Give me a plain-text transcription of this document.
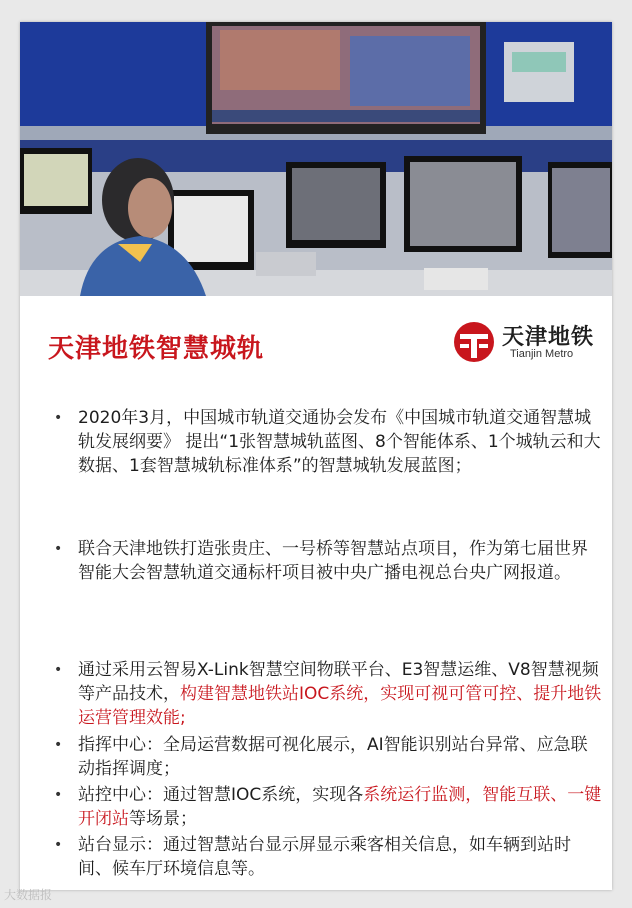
天津地铁智慧城轨	天津地铁
Tianjin Metro
• 2020年3月，中国城市轨道交通协会发布《中国城市轨道交通智慧城轨发展纲要》 提出“1张智慧城轨蓝图、8个智能体系、1个城轨云和大数据、1套智慧城轨标准体系”的智慧城轨发展蓝图；

• 联合天津地铁打造张贵庄、一号桥等智慧站点项目，作为第七届世界智能大会智慧轨道交通标杆项目被中央广播电视总台央广网报道。

• 通过采用云智易X-Link智慧空间物联平台、E3智慧运维、V8智慧视频等产品技术，构建智慧地铁站IOC系统，实现可视可管可控、提升地铁运营管理效能;

• 指挥中心：全局运营数据可视化展示，AI智能识别站台异常、应急联动指挥调度；

• 站控中心：通过智慧IOC系统，实现各系统运行监测，智能互联、一键开闭站等场景；

• 站台显示：通过智慧站台显示屏显示乘客相关信息，如车辆到站时间、候车厅环境信息等。

大数据报
